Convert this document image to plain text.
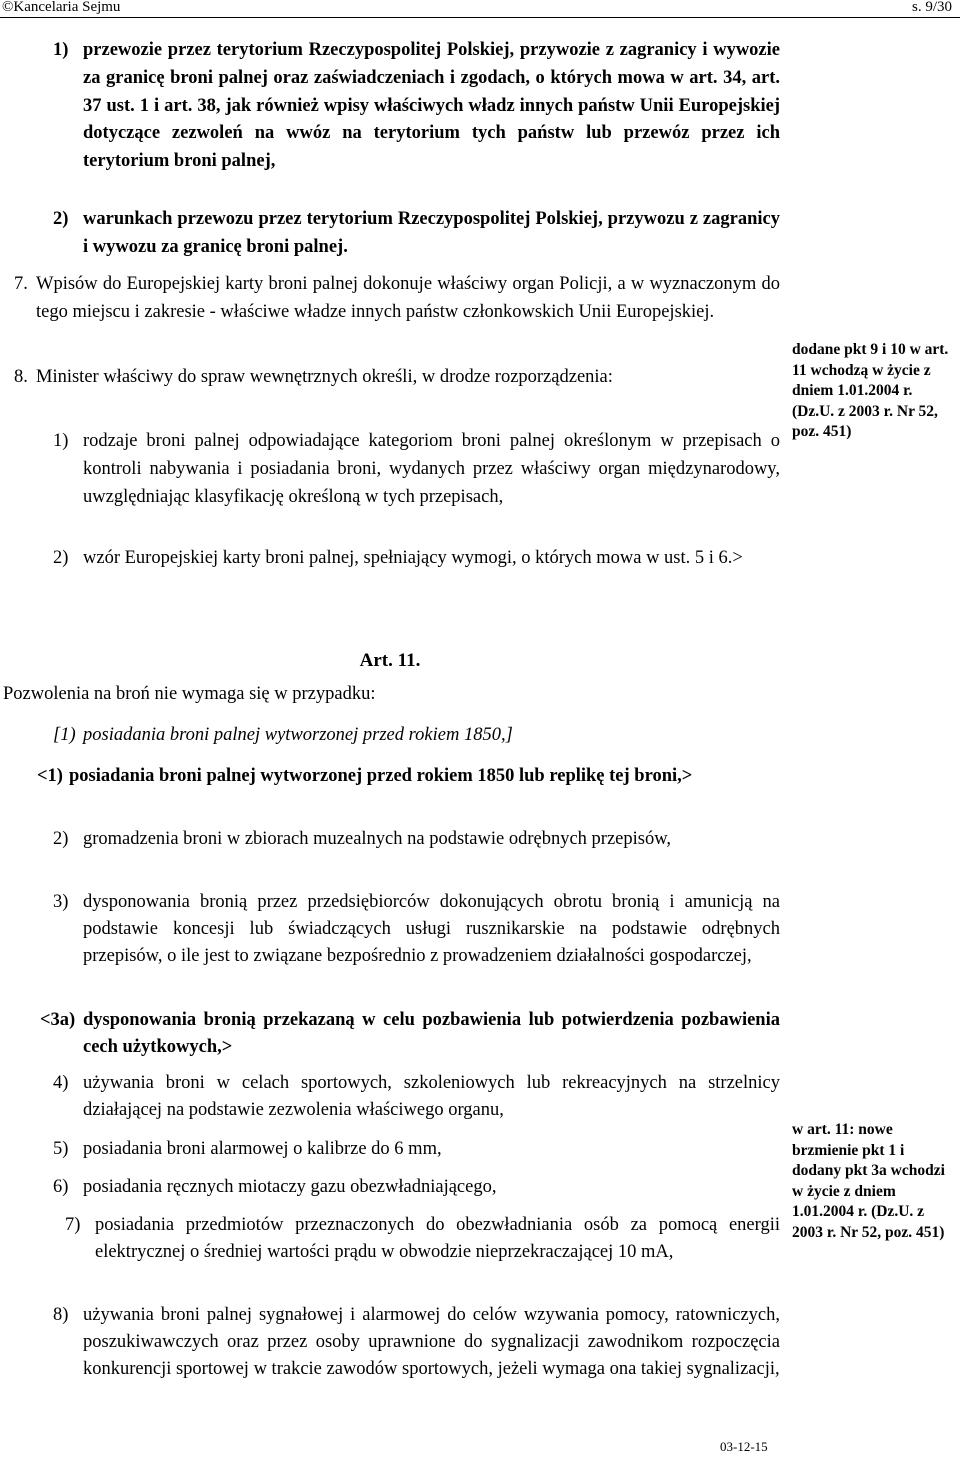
©Kancelaria Sejmu	s. 9/30
1) przewozie przez terytorium Rzeczypospolitej Polskiej, przywozie z zagranicy i wywozie za granicę broni palnej oraz zaświadczeniach i zgodach, o których mowa w art. 34, art. 37 ust. 1 i art. 38, jak również wpisy właściwych władz innych państw Unii Europejskiej dotyczące zezwoleń na wwóz na terytorium tych państw lub przewóz przez ich terytorium broni palnej,
2) warunkach przewozu przez terytorium Rzeczypospolitej Polskiej, przywozu z zagranicy i wywozu za granicę broni palnej.
7. Wpisów do Europejskiej karty broni palnej dokonuje właściwy organ Policji, a w wyznaczonym do tego miejscu i zakresie - właściwe władze innych państw członkowskich Unii Europejskiej.
8. Minister właściwy do spraw wewnętrznych określi, w drodze rozporządzenia:
1) rodzaje broni palnej odpowiadające kategoriom broni palnej określonym w przepisach o kontroli nabywania i posiadania broni, wydanych przez właściwy organ międzynarodowy, uwzględniając klasyfikację określoną w tych przepisach,
2) wzór Europejskiej karty broni palnej, spełniający wymogi, o których mowa w ust. 5 i 6.>
dodane pkt 9 i 10 w art. 11 wchodzą w życie z dniem 1.01.2004 r. (Dz.U. z 2003 r. Nr 52, poz. 451)
Art. 11.
Pozwolenia na broń nie wymaga się w przypadku:
[1) posiadania broni palnej wytworzonej przed rokiem 1850,]
<1) posiadania broni palnej wytworzonej przed rokiem 1850 lub replikę tej broni,>
2) gromadzenia broni w zbiorach muzealnych na podstawie odrębnych przepisów,
3) dysponowania bronią przez przedsiębiorców dokonujących obrotu bronią i amunicją na podstawie koncesji lub świadczących usługi rusznikarskie na podstawie odrębnych przepisów, o ile jest to związane bezpośrednio z prowadzeniem działalności gospodarczej,
<3a) dysponowania bronią przekazaną w celu pozbawienia lub potwierdzenia pozbawienia cech użytkowych,>
4) używania broni w celach sportowych, szkoleniowych lub rekreacyjnych na strzelnicy działającej na podstawie zezwolenia właściwego organu,
5) posiadania broni alarmowej o kalibrze do 6 mm,
6) posiadania ręcznych miotaczy gazu obezwładniającego,
7) posiadania przedmiotów przeznaczonych do obezwładniania osób za pomocą energii elektrycznej o średniej wartości prądu w obwodzie nieprzekraczającej 10 mA,
8) używania broni palnej sygnałowej i alarmowej do celów wzywania pomocy, ratowniczych, poszukiwawczych oraz przez osoby uprawnione do sygnalizacji zawodnikom rozpoczęcia konkurencji sportowej w trakcie zawodów sportowych, jeżeli wymaga ona takiej sygnalizacji,
w art. 11: nowe brzmienie pkt 1 i dodany pkt 3a wchodzi w życie z dniem 1.01.2004 r. (Dz.U. z 2003 r. Nr 52, poz. 451)
03-12-15
